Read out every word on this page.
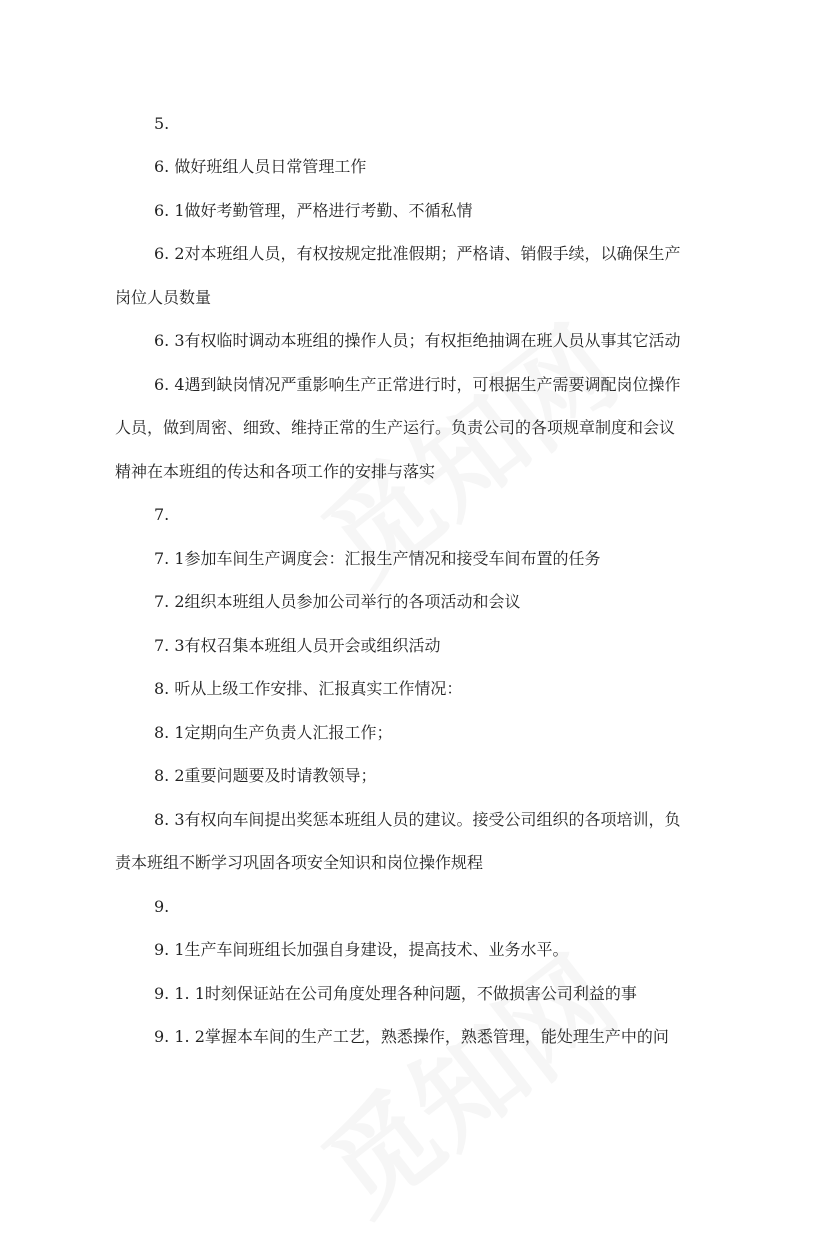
5.
6. 做好班组人员日常管理工作
6. 1做好考勤管理，严格进行考勤、不循私情
6. 2对本班组人员，有权按规定批准假期；严格请、销假手续，以确保生产
岗位人员数量
6. 3有权临时调动本班组的操作人员；有权拒绝抽调在班人员从事其它活动
6. 4遇到缺岗情况严重影响生产正常进行时，可根据生产需要调配岗位操作
人员，做到周密、细致、维持正常的生产运行。负责公司的各项规章制度和会议
精神在本班组的传达和各项工作的安排与落实
7.
7. 1参加车间生产调度会：汇报生产情况和接受车间布置的任务
7. 2组织本班组人员参加公司举行的各项活动和会议
7. 3有权召集本班组人员开会或组织活动
8. 听从上级工作安排、汇报真实工作情况：
8. 1定期向生产负责人汇报工作；
8. 2重要问题要及时请教领导；
8. 3有权向车间提出奖惩本班组人员的建议。接受公司组织的各项培训，负
责本班组不断学习巩固各项安全知识和岗位操作规程
9.
9. 1生产车间班组长加强自身建设，提高技术、业务水平。
9. 1. 1时刻保证站在公司角度处理各种问题，不做损害公司利益的事
9. 1. 2掌握本车间的生产工艺，熟悉操作，熟悉管理，能处理生产中的问
